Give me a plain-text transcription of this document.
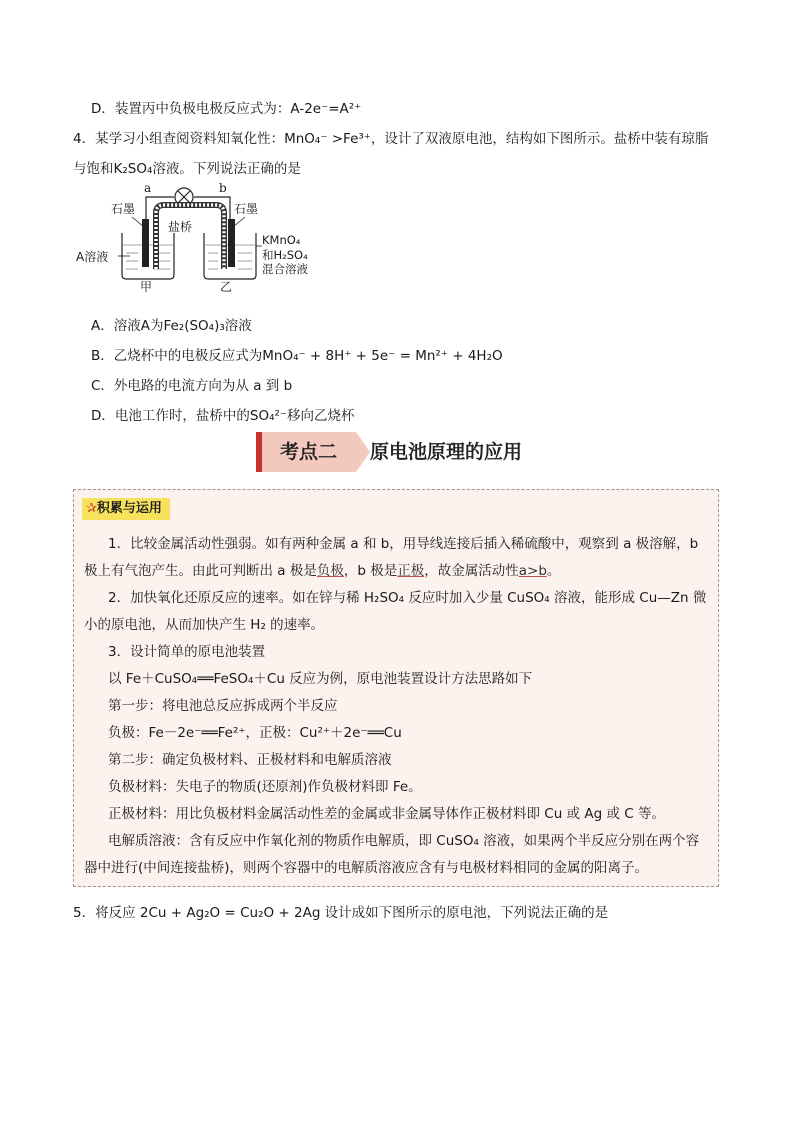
D．装置丙中负极电极反应式为：A-2e⁻=A²⁺
4．某学习小组查阅资料知氧化性：MnO₄⁻ >Fe³⁺，设计了双液原电池，结构如下图所示。盐桥中装有琼脂
与饱和K₂SO₄溶液。下列说法正确的是
a	b
石墨	石墨
盐桥
A溶液
KMnO₄
和H₂SO₄
混合溶液
甲	乙
A．溶液A为Fe₂(SO₄)₃溶液
B．乙烧杯中的电极反应式为MnO₄⁻ + 8H⁺ + 5e⁻ = Mn²⁺ + 4H₂O
C．外电路的电流方向为从 a 到 b
D．电池工作时，盐桥中的SO₄²⁻移向乙烧杯
考点二	原电池原理的应用
✰积累与运用
1．比较金属活动性强弱。如有两种金属 a 和 b，用导线连接后插入稀硫酸中，观察到 a 极溶解，b
极上有气泡产生。由此可判断出 a 极是负极，b 极是正极，故金属活动性a>b。
2．加快氧化还原反应的速率。如在锌与稀 H₂SO₄ 反应时加入少量 CuSO₄ 溶液，能形成 Cu—Zn 微
小的原电池，从而加快产生 H₂ 的速率。
3．设计简单的原电池装置
以 Fe＋CuSO₄══FeSO₄＋Cu 反应为例，原电池装置设计方法思路如下
第一步：将电池总反应拆成两个半反应
负极：Fe－2e⁻══Fe²⁺，正极：Cu²⁺＋2e⁻══Cu
第二步：确定负极材料、正极材料和电解质溶液
负极材料：失电子的物质(还原剂)作负极材料即 Fe。
正极材料：用比负极材料金属活动性差的金属或非金属导体作正极材料即 Cu 或 Ag 或 C 等。
电解质溶液：含有反应中作氧化剂的物质作电解质，即 CuSO₄ 溶液，如果两个半反应分别在两个容
器中进行(中间连接盐桥)，则两个容器中的电解质溶液应含有与电极材料相同的金属的阳离子。
5．将反应 2Cu + Ag₂O = Cu₂O + 2Ag 设计成如下图所示的原电池，下列说法正确的是
